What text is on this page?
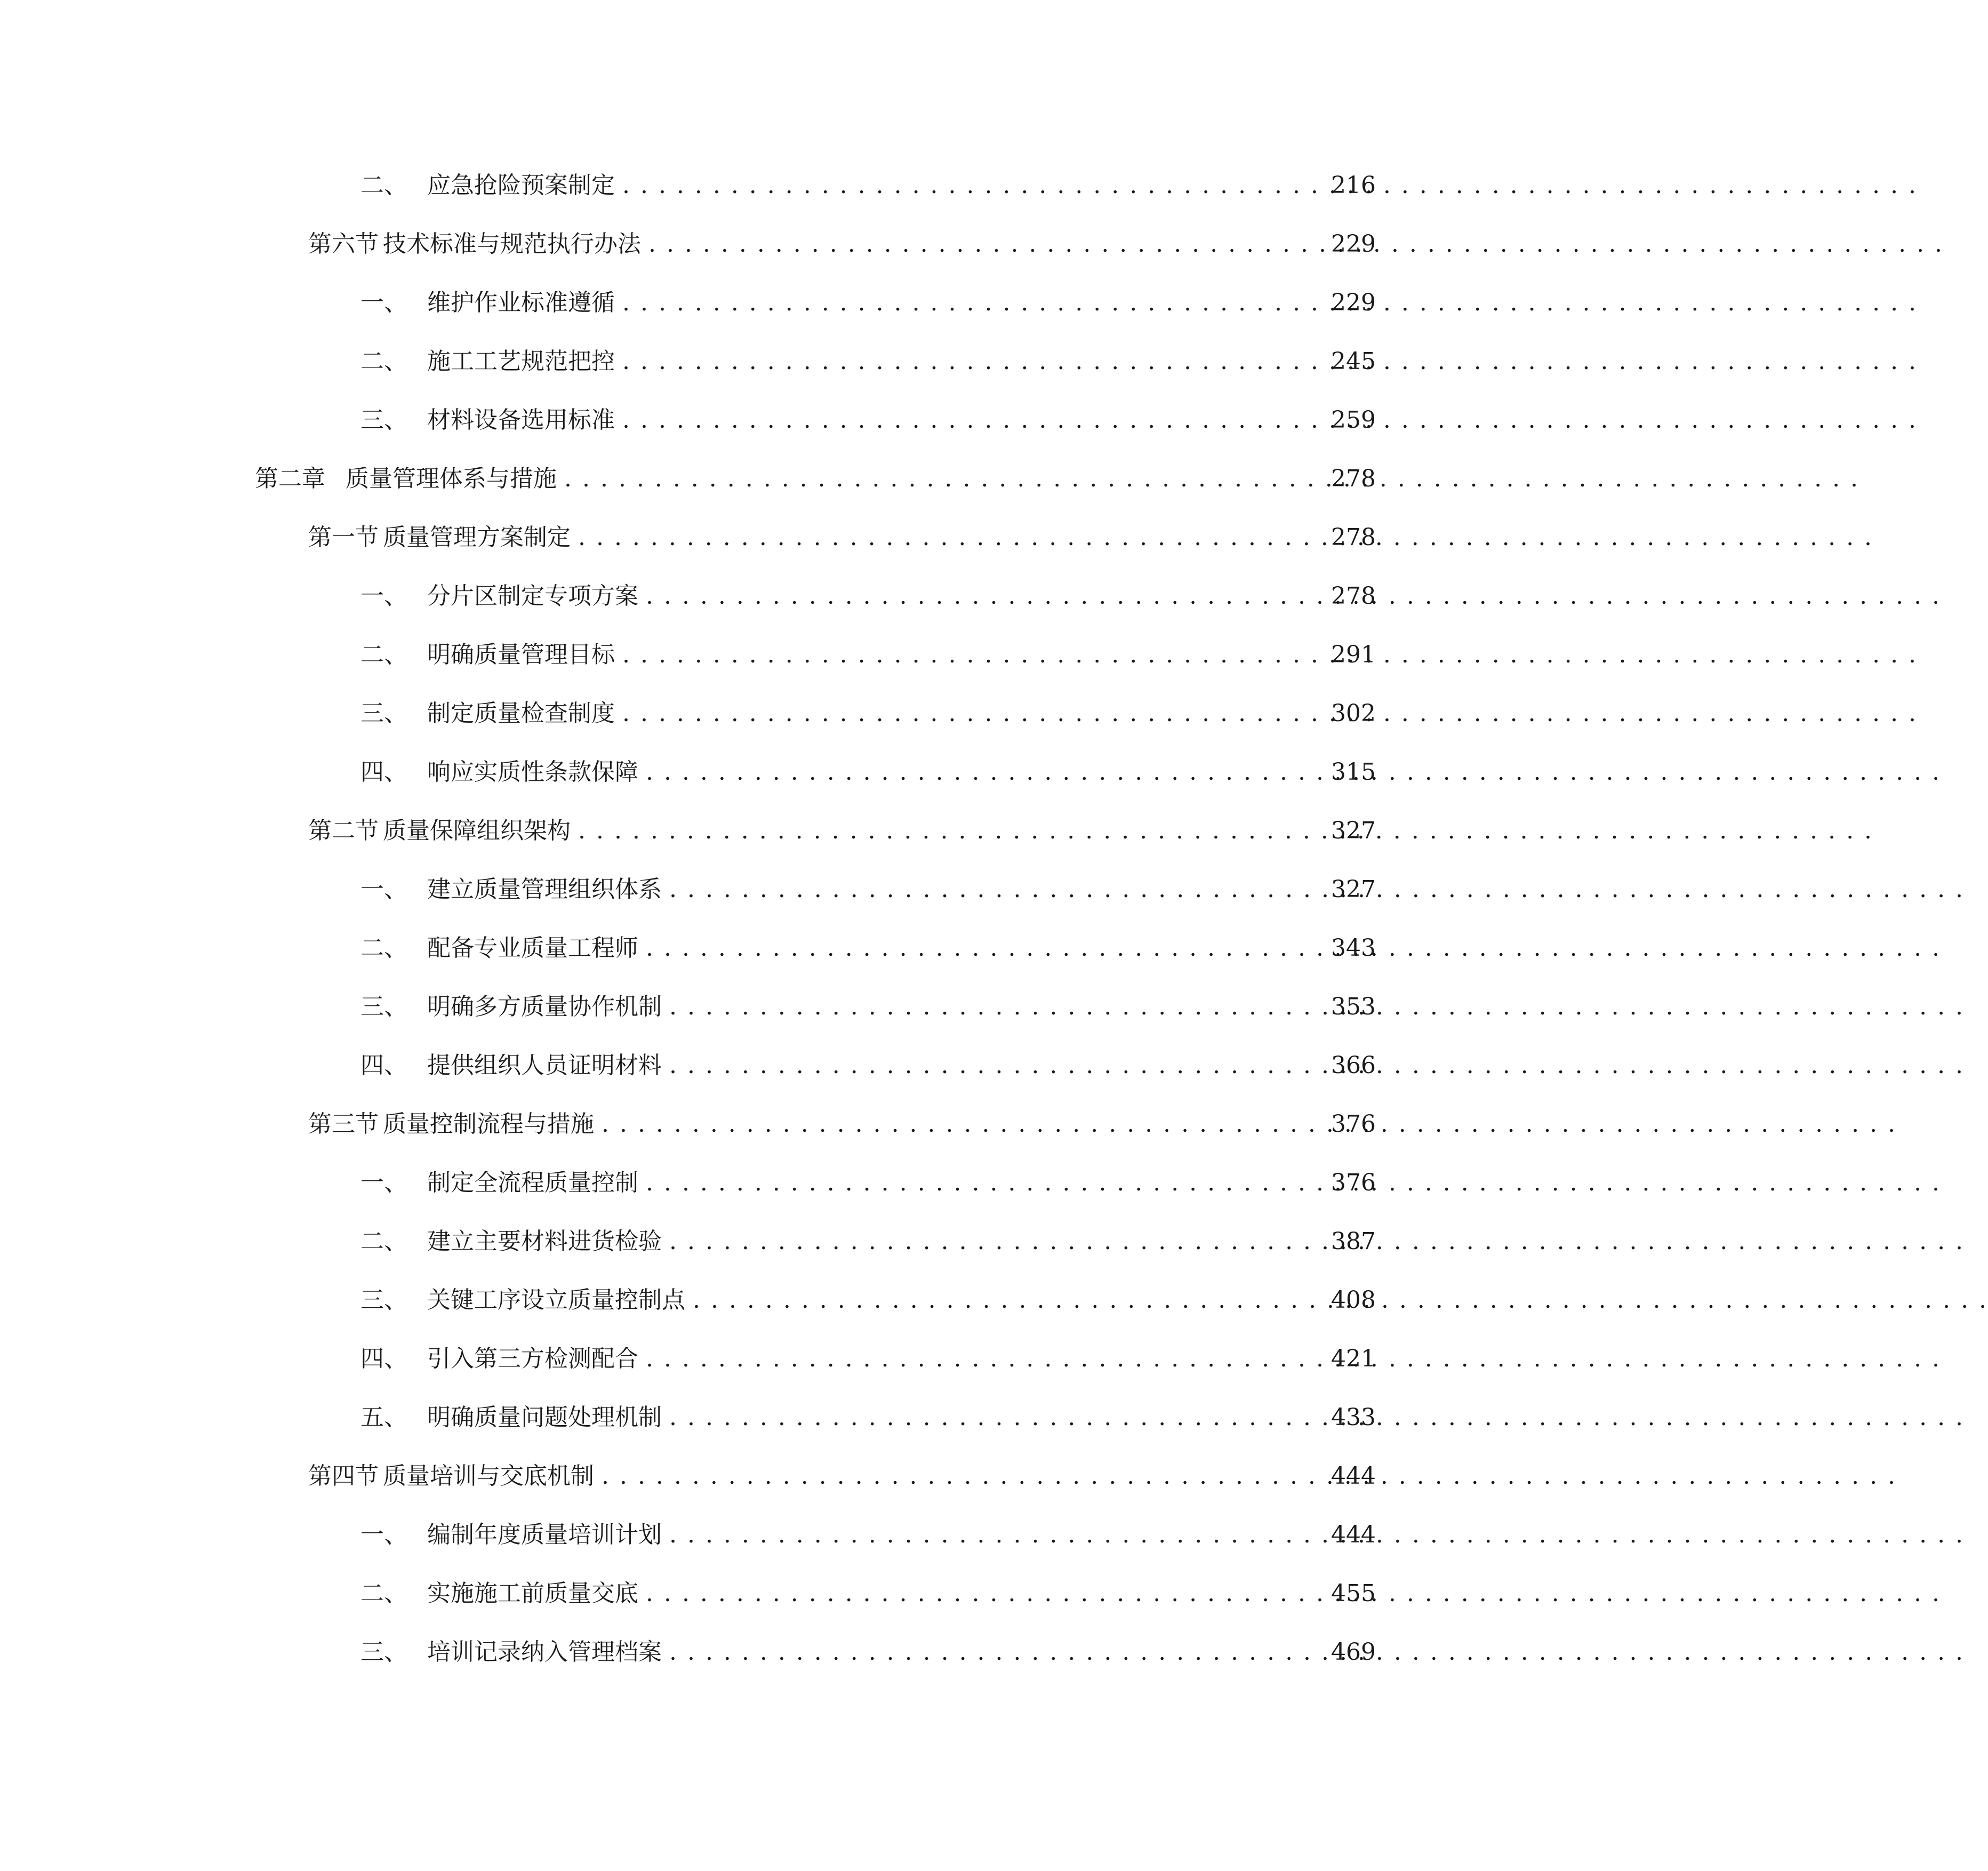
二、 应急抢险预案制定 . . .	216
第六节 技术标准与规范执行办法 . . .	229
一、 维护作业标准遵循 . . .	229
二、 施工工艺规范把控 . . .	245
三、 材料设备选用标准 . . .	259
第二章 质量管理体系与措施 . . .	278
第一节 质量管理方案制定 . . .	278
一、 分片区制定专项方案 . . .	278
二、 明确质量管理目标 . . .	291
三、 制定质量检查制度 . . .	302
四、 响应实质性条款保障 . . .	315
第二节 质量保障组织架构 . . .	327
一、 建立质量管理组织体系 . . .	327
二、 配备专业质量工程师 . . .	343
三、 明确多方质量协作机制 . . .	353
四、 提供组织人员证明材料 . . .	366
第三节 质量控制流程与措施 . . .	376
一、 制定全流程质量控制 . . .	376
二、 建立主要材料进货检验 . . .	387
三、 关键工序设立质量控制点 . . .	408
四、 引入第三方检测配合 . . .	421
五、 明确质量问题处理机制 . . .	433
第四节 质量培训与交底机制 . . .	444
一、 编制年度质量培训计划 . . .	444
二、 实施施工前质量交底 . . .	455
三、 培训记录纳入管理档案 . . .	469
